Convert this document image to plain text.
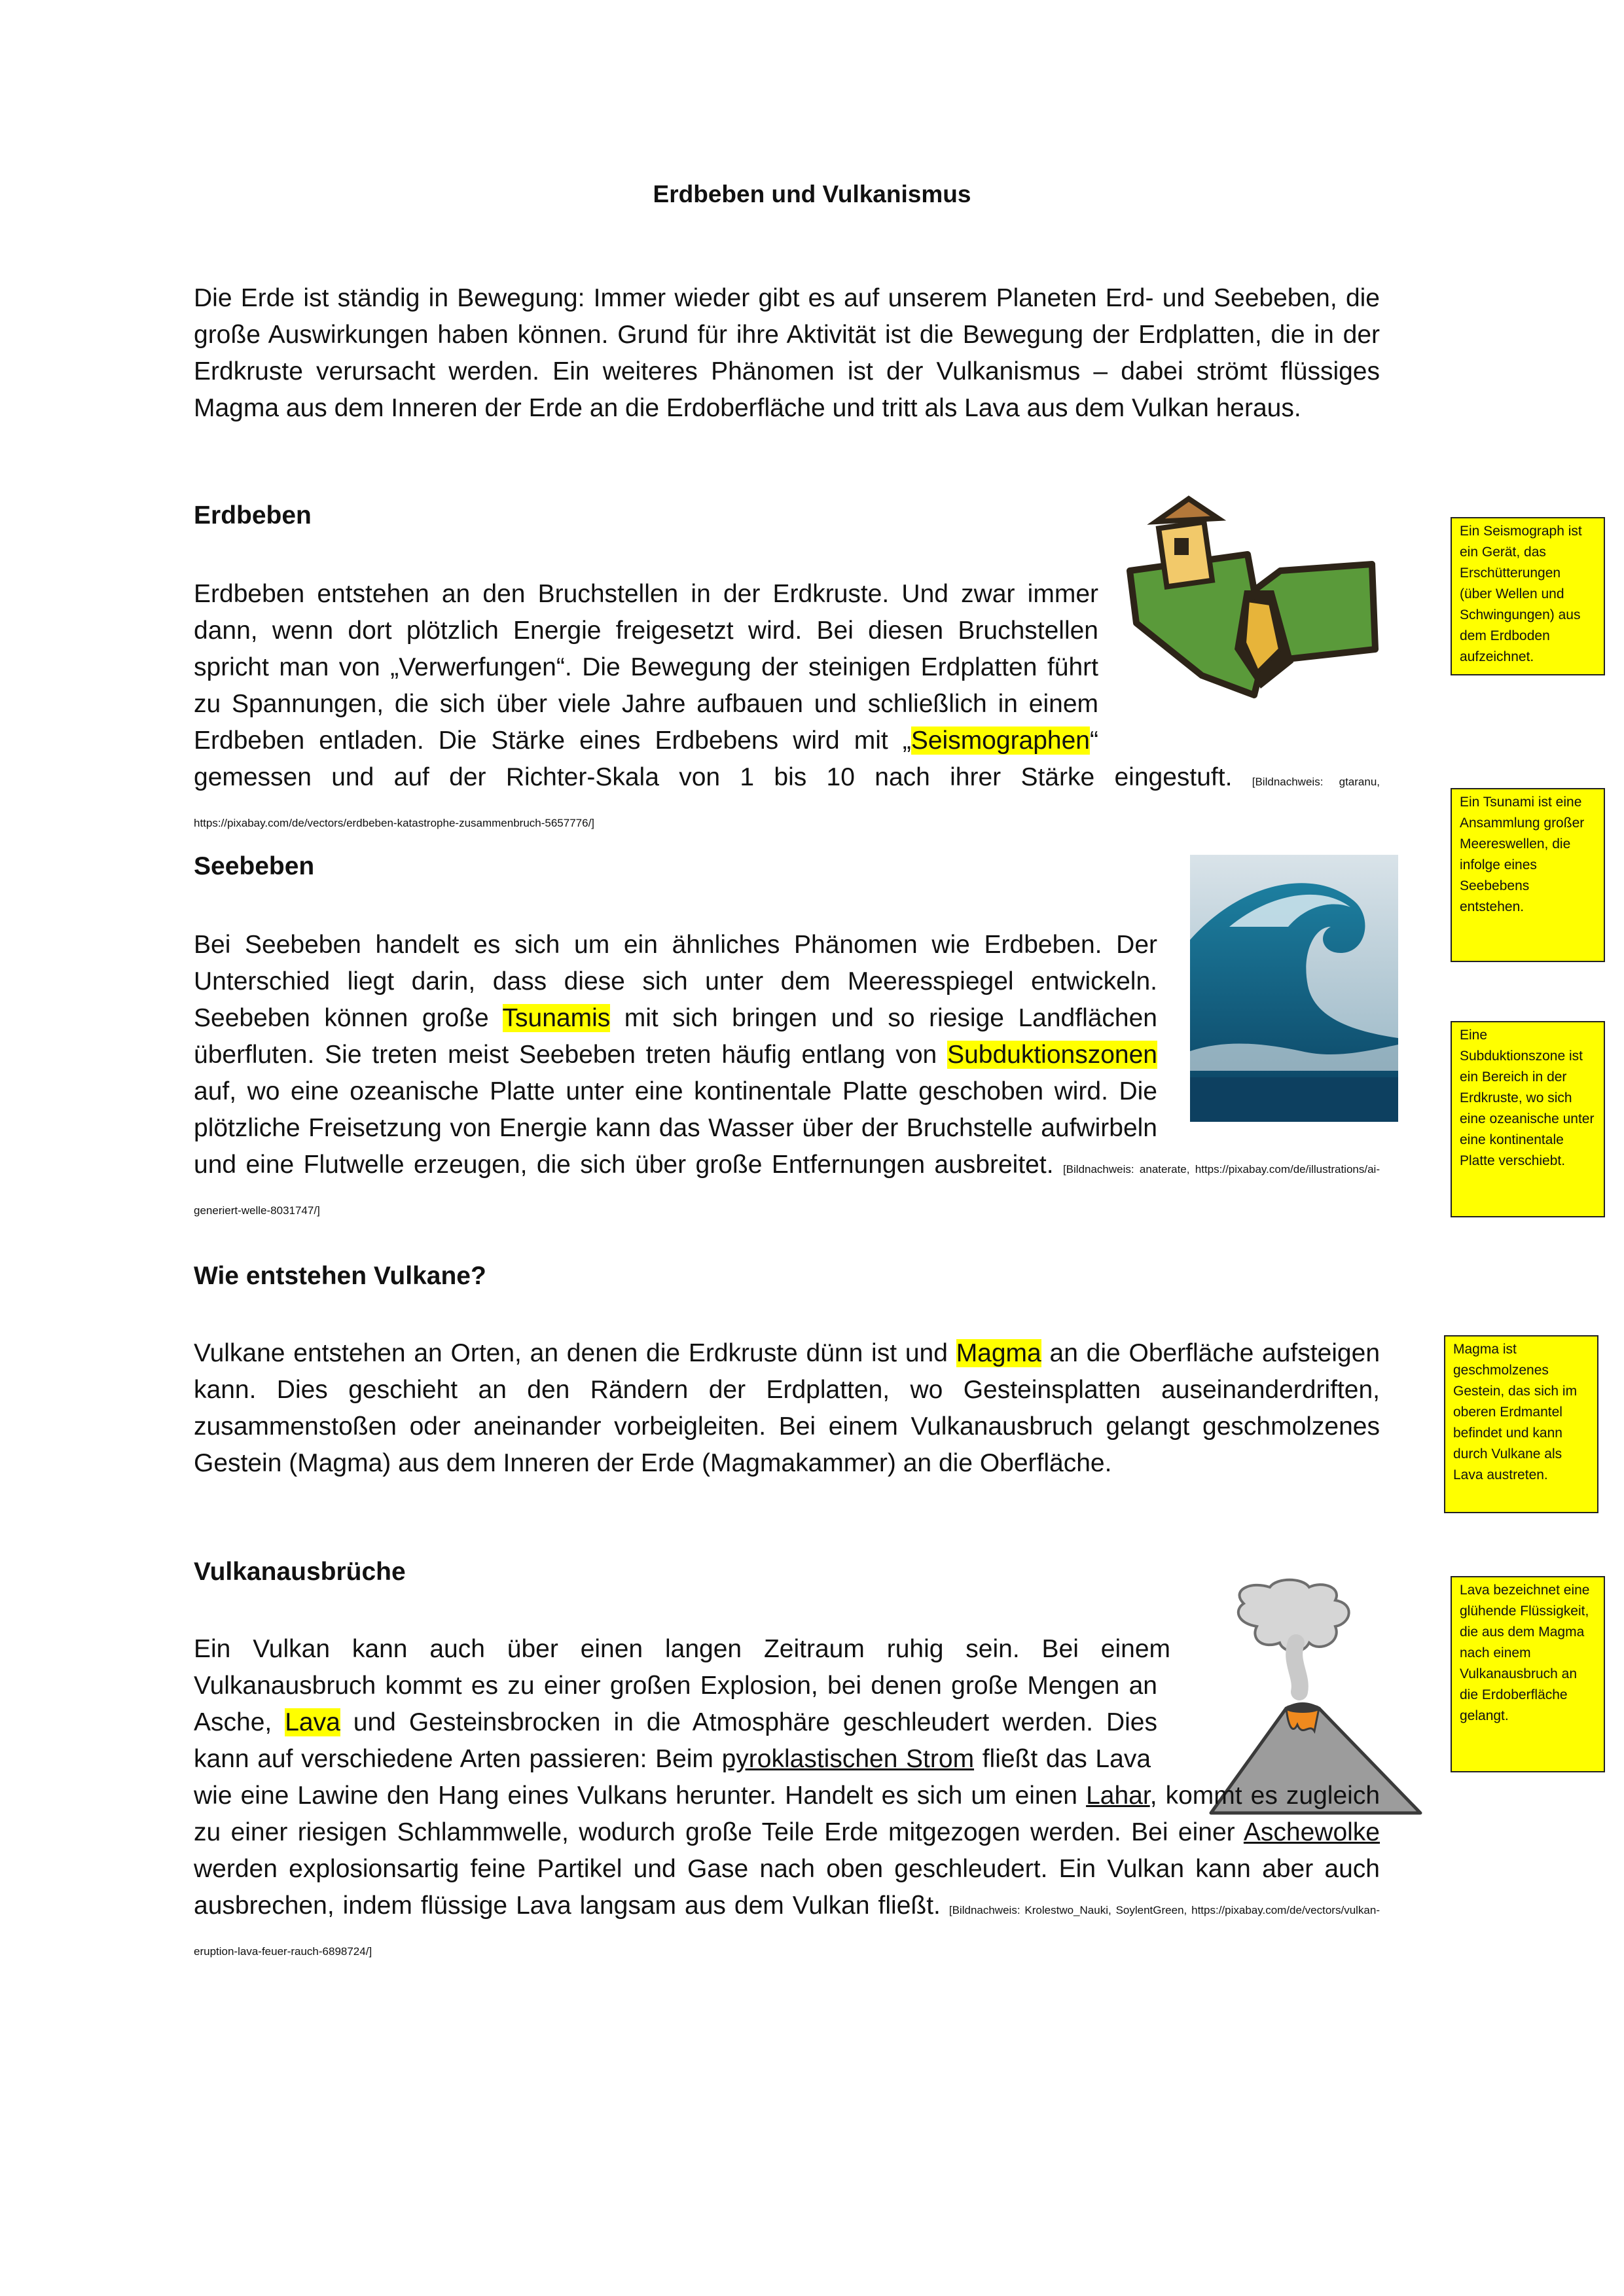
Erdbeben und Vulkanismus

Die Erde ist ständig in Bewegung: Immer wieder gibt es auf unserem Planeten Erd- und Seebeben, die große Auswirkungen haben können. Grund für ihre Aktivität ist die Bewegung der Erdplatten, die in der Erdkruste verursacht werden. Ein weiteres Phänomen ist der Vulkanismus – dabei strömt flüssiges Magma aus dem Inneren der Erde an die Erdoberfläche und tritt als Lava aus dem Vulkan heraus.

Erdbeben

Erdbeben entstehen an den Bruchstellen in der Erdkruste. Und zwar immer dann, wenn dort plötzlich Energie freigesetzt wird. Bei diesen Bruchstellen spricht man von „Verwerfungen“. Die Bewegung der steinigen Erdplatten führt zu Spannungen, die sich über viele Jahre aufbauen und schließlich in einem Erdbeben entladen. Die Stärke eines Erdbebens wird mit „Seismographen“ gemessen und auf der Richter-Skala von 1 bis 10 nach ihrer Stärke eingestuft. [Bildnachweis: gtaranu, https://pixabay.com/de/vectors/erdbeben-katastrophe-zusammenbruch-5657776/]

Seebeben

Bei Seebeben handelt es sich um ein ähnliches Phänomen wie Erdbeben. Der Unterschied liegt darin, dass diese sich unter dem Meeresspiegel entwickeln. Seebeben können große Tsunamis mit sich bringen und so riesige Landflächen überfluten. Sie treten meist Seebeben treten häufig entlang von Subduktionszonen auf, wo eine ozeanische Platte unter eine kontinentale Platte geschoben wird. Die plötzliche Freisetzung von Energie kann das Wasser über der Bruchstelle aufwirbeln und eine Flutwelle erzeugen, die sich über große Entfernungen ausbreitet. [Bildnachweis: anaterate, https://pixabay.com/de/illustrations/ai-generiert-welle-8031747/]

Wie entstehen Vulkane?

Vulkane entstehen an Orten, an denen die Erdkruste dünn ist und Magma an die Oberfläche aufsteigen kann. Dies geschieht an den Rändern der Erdplatten, wo Gesteinsplatten auseinanderdriften, zusammenstoßen oder aneinander vorbeigleiten. Bei einem Vulkanausbruch gelangt geschmolzenes Gestein (Magma) aus dem Inneren der Erde (Magmakammer) an die Oberfläche.

Vulkanausbrüche

Ein Vulkan kann auch über einen langen Zeitraum ruhig sein. Bei einem Vulkanausbruch kommt es zu einer großen Explosion, bei denen große Mengen an Asche, Lava und Gesteinsbrocken in die Atmosphäre geschleudert werden. Dies kann auf verschiedene Arten passieren: Beim pyroklastischen Strom fließt das Lava wie eine Lawine den Hang eines Vulkans herunter. Handelt es sich um einen Lahar, kommt es zugleich zu einer riesigen Schlammwelle, wodurch große Teile Erde mitgezogen werden. Bei einer Aschewolke werden explosionsartig feine Partikel und Gase nach oben geschleudert. Ein Vulkan kann aber auch ausbrechen, indem flüssige Lava langsam aus dem Vulkan fließt. [Bildnachweis: Krolestwo_Nauki, SoylentGreen, https://pixabay.com/de/vectors/vulkan-eruption-lava-feuer-rauch-6898724/]

Ein Seismograph ist ein Gerät, das Erschütterungen (über Wellen und Schwingungen) aus dem Erdboden aufzeichnet.
Ein Tsunami ist eine Ansammlung großer Meereswellen, die infolge eines Seebebens entstehen.
Eine Subduktionszone ist ein Bereich in der Erdkruste, wo sich eine ozeanische unter eine kontinentale Platte verschiebt.
Magma ist geschmolzenes Gestein, das sich im oberen Erdmantel befindet und kann durch Vulkane als Lava austreten.
Lava bezeichnet eine glühende Flüssigkeit, die aus dem Magma nach einem Vulkanausbruch an die Erdoberfläche gelangt.
